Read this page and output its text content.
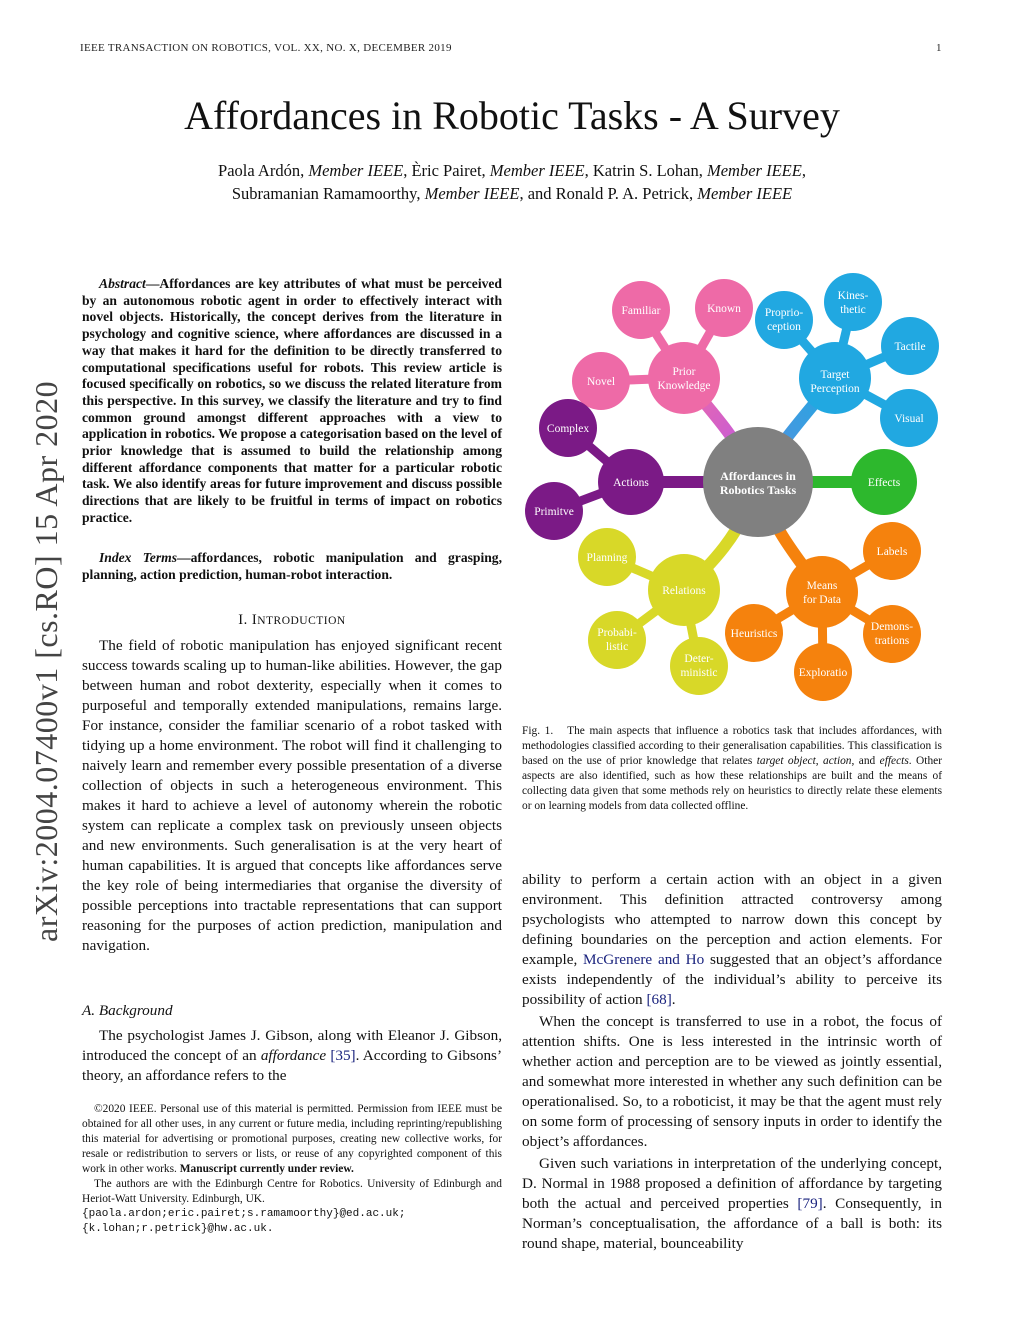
IEEE TRANSACTION ON ROBOTICS, VOL. XX, NO. X, DECEMBER 2019	1
Affordances in Robotic Tasks - A Survey
Paola Ardón, Member IEEE, Èric Pairet, Member IEEE, Katrin S. Lohan, Member IEEE,
Subramanian Ramamoorthy, Member IEEE, and Ronald P. A. Petrick, Member IEEE
arXiv:2004.07400v1 [cs.RO] 15 Apr 2020
Abstract—Affordances are key attributes of what must be perceived by an autonomous robotic agent in order to effectively interact with novel objects. Historically, the concept derives from the literature in psychology and cognitive science, where affordances are discussed in a way that makes it hard for the definition to be directly transferred to computational specifications useful for robots. This review article is focused specifically on robotics, so we discuss the related literature from this perspective. In this survey, we classify the literature and try to find common ground amongst different approaches with a view to application in robotics. We propose a categorisation based on the level of prior knowledge that is assumed to build the relationship among different affordance components that matter for a particular robotic task. We also identify areas for future improvement and discuss possible directions that are likely to be fruitful in terms of impact on robotics practice.
Index Terms—affordances, robotic manipulation and grasping, planning, action prediction, human-robot interaction.
I. INTRODUCTION

The field of robotic manipulation has enjoyed significant recent success towards scaling up to human-like abilities. However, the gap between human and robot dexterity, especially when it comes to purposeful and temporally extended manipulations, remains large. For instance, consider the familiar scenario of a robot tasked with tidying up a home environment. The robot will find it challenging to naively learn and remember every possible presentation of a diverse collection of objects in such a heterogeneous environment. This makes it hard to achieve a level of autonomy wherein the robotic system can replicate a complex task on previously unseen objects and new environments. Such generalisation is at the very heart of human capabilities. It is argued that concepts like affordances serve the key role of being intermediaries that organise the diversity of possible perceptions into tractable representations that can support reasoning for the purposes of action prediction, manipulation and navigation.

A. Background

The psychologist James J. Gibson, along with Eleanor J. Gibson, introduced the concept of an affordance [35]. According to Gibsons’ theory, an affordance refers to the

©2020 IEEE. Personal use of this material is permitted. Permission from IEEE must be obtained for all other uses, in any current or future media, including reprinting/republishing this material for advertising or promotional purposes, creating new collective works, for resale or redistribution to servers or lists, or reuse of any copyrighted component of this work in other works. Manuscript currently under review.

The authors are with the Edinburgh Centre for Robotics. University of Edinburgh and Heriot-Watt University. Edinburgh, UK.

{paola.ardon;eric.pairet;s.ramamoorthy}@ed.ac.uk;
{k.lohan;r.petrick}@hw.ac.uk.
Affordances in Robotics Tasks
Prior Knowledge
Familiar	Known
Novel
Target Perception
Proprio-ception
Kines-thetic
Tactile
Visual
Actions
Complex
Primitve
Effects
Relations
Planning
Probabi-listic
Deter-ministic
Means for Data
Labels
Heuristics
Demons-trations
Exploratio
Fig. 1. The main aspects that influence a robotics task that includes affordances, with methodologies classified according to their generalisation capabilities. This classification is based on the use of prior knowledge that relates target object, action, and effects. Other aspects are also identified, such as how these relationships are built and the means of collecting data given that some methods rely on heuristics to directly relate these elements or on learning models from data collected offline.

ability to perform a certain action with an object in a given environment. This definition attracted controversy among psychologists who attempted to narrow down this concept by defining boundaries on the perception and action elements. For example, McGrenere and Ho suggested that an object’s affordance exists independently of the individual’s ability to perceive its possibility of action [68].

When the concept is transferred to use in a robot, the focus of attention shifts. One is less interested in the intrinsic worth of whether action and perception are to be viewed as jointly essential, and somewhat more interested in whether any such definition can be operationalised. So, to a roboticist, it may be that the agent must rely on some form of processing of sensory inputs in order to identify the object’s affordances.

Given such variations in interpretation of the underlying concept, D. Normal in 1988 proposed a definition of affordance by targeting both the actual and perceived properties [79]. Consequently, in Norman’s conceptualisation, the affordance of a ball is both: its round shape, material, bounceability
